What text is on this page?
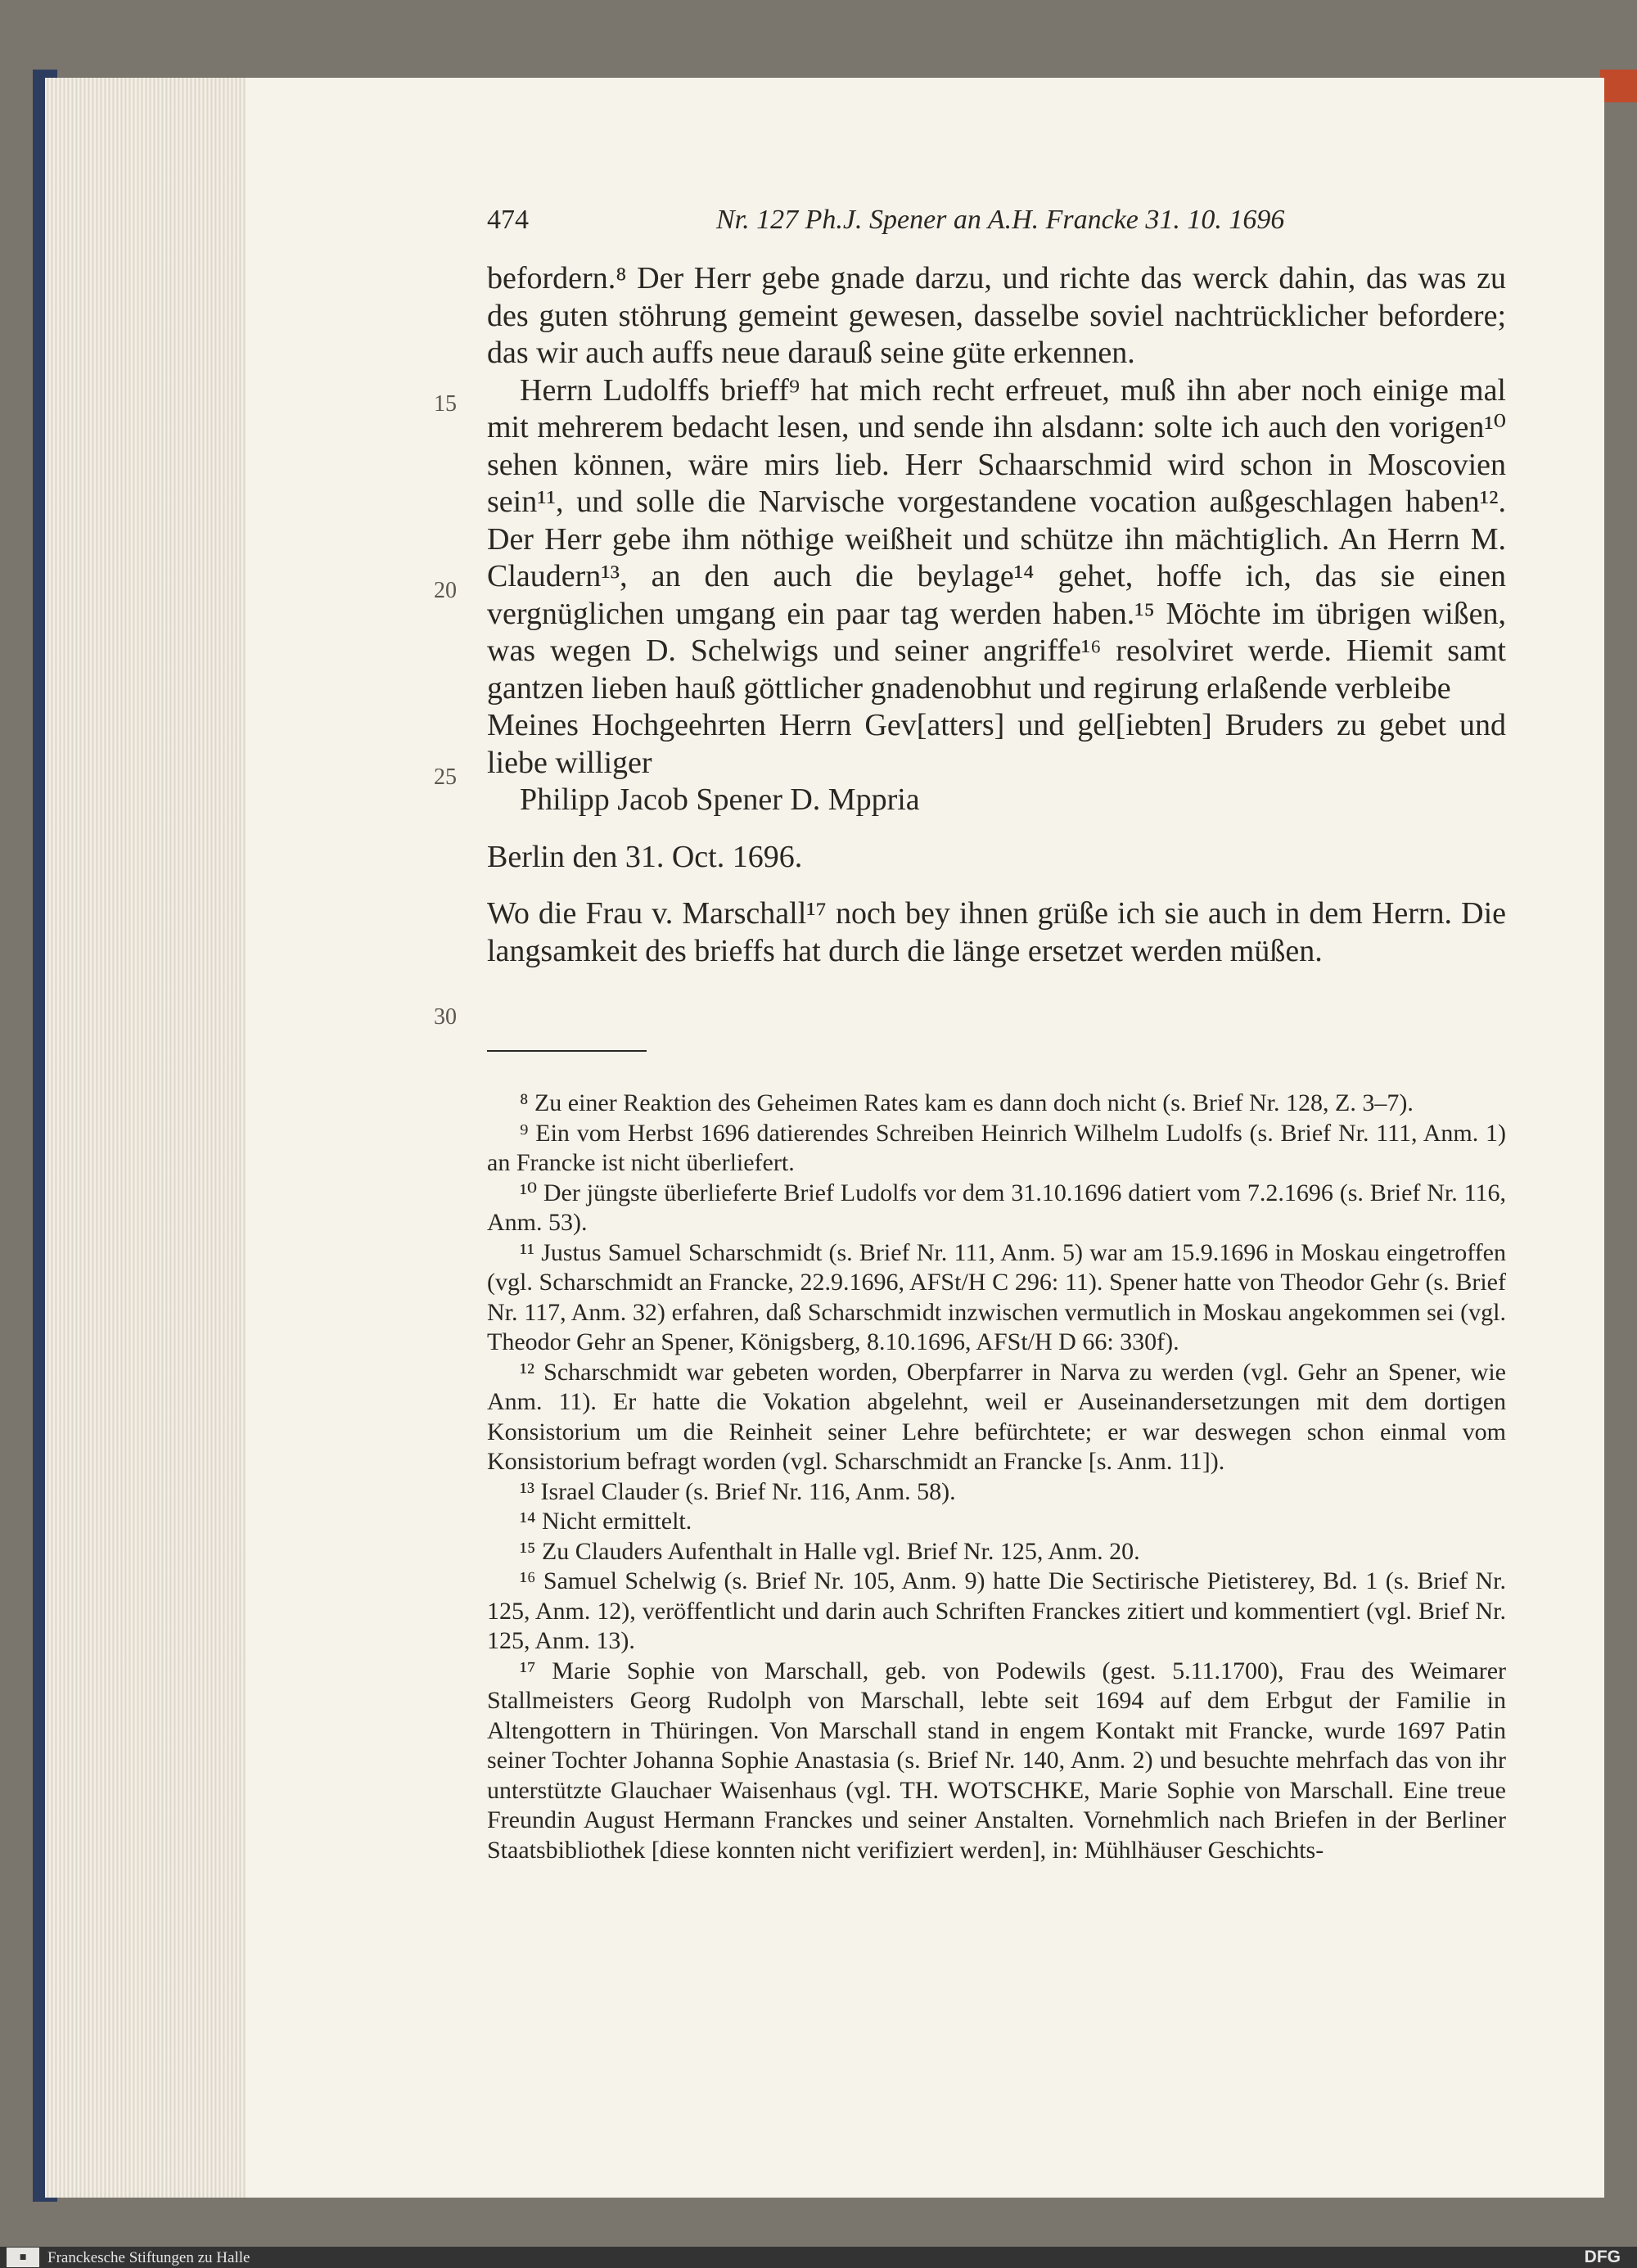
474	Nr. 127 Ph.J. Spener an A.H. Francke 31. 10. 1696
15
20
25
30

befordern.⁸ Der Herr gebe gnade darzu, und richte das werck dahin, das was zu des guten stöhrung gemeint gewesen, dasselbe soviel nachtrücklicher befordere; das wir auch auffs neue darauß seine güte erkennen.

Herrn Ludolffs brieff⁹ hat mich recht erfreuet, muß ihn aber noch einige mal mit mehrerem bedacht lesen, und sende ihn alsdann: solte ich auch den vorigen¹⁰ sehen können, wäre mirs lieb. Herr Schaarschmid wird schon in Moscovien sein¹¹, und solle die Narvische vorgestandene vocation außgeschlagen haben¹². Der Herr gebe ihm nöthige weißheit und schütze ihn mächtiglich. An Herrn M. Claudern¹³, an den auch die beylage¹⁴ gehet, hoffe ich, das sie einen vergnüglichen umgang ein paar tag werden haben.¹⁵ Möchte im übrigen wißen, was wegen D. Schelwigs und seiner angriffe¹⁶ resolviret werde. Hiemit samt gantzen lieben hauß göttlicher gnadenobhut und regirung erlaßende verbleibe

Meines Hochgeehrten Herrn Gev[atters] und gel[iebten] Bruders zu gebet und liebe williger

Philipp Jacob Spener D. Mppria

Berlin den 31. Oct. 1696.

Wo die Frau v. Marschall¹⁷ noch bey ihnen grüße ich sie auch in dem Herrn. Die langsamkeit des brieffs hat durch die länge ersetzet werden müßen.

⁸ Zu einer Reaktion des Geheimen Rates kam es dann doch nicht (s. Brief Nr. 128, Z. 3–7).

⁹ Ein vom Herbst 1696 datierendes Schreiben Heinrich Wilhelm Ludolfs (s. Brief Nr. 111, Anm. 1) an Francke ist nicht überliefert.

¹⁰ Der jüngste überlieferte Brief Ludolfs vor dem 31.10.1696 datiert vom 7.2.1696 (s. Brief Nr. 116, Anm. 53).

¹¹ Justus Samuel Scharschmidt (s. Brief Nr. 111, Anm. 5) war am 15.9.1696 in Moskau eingetroffen (vgl. Scharschmidt an Francke, 22.9.1696, AFSt/H C 296: 11). Spener hatte von Theodor Gehr (s. Brief Nr. 117, Anm. 32) erfahren, daß Scharschmidt inzwischen vermutlich in Moskau angekommen sei (vgl. Theodor Gehr an Spener, Königsberg, 8.10.1696, AFSt/H D 66: 330f).

¹² Scharschmidt war gebeten worden, Oberpfarrer in Narva zu werden (vgl. Gehr an Spener, wie Anm. 11). Er hatte die Vokation abgelehnt, weil er Auseinandersetzungen mit dem dortigen Konsistorium um die Reinheit seiner Lehre befürchtete; er war deswegen schon einmal vom Konsistorium befragt worden (vgl. Scharschmidt an Francke [s. Anm. 11]).

¹³ Israel Clauder (s. Brief Nr. 116, Anm. 58).

¹⁴ Nicht ermittelt.

¹⁵ Zu Clauders Aufenthalt in Halle vgl. Brief Nr. 125, Anm. 20.

¹⁶ Samuel Schelwig (s. Brief Nr. 105, Anm. 9) hatte Die Sectirische Pietisterey, Bd. 1 (s. Brief Nr. 125, Anm. 12), veröffentlicht und darin auch Schriften Franckes zitiert und kommentiert (vgl. Brief Nr. 125, Anm. 13).

¹⁷ Marie Sophie von Marschall, geb. von Podewils (gest. 5.11.1700), Frau des Weimarer Stallmeisters Georg Rudolph von Marschall, lebte seit 1694 auf dem Erbgut der Familie in Altengottern in Thüringen. Von Marschall stand in engem Kontakt mit Francke, wurde 1697 Patin seiner Tochter Johanna Sophie Anastasia (s. Brief Nr. 140, Anm. 2) und besuchte mehrfach das von ihr unterstützte Glauchaer Waisenhaus (vgl. TH. WOTSCHKE, Marie Sophie von Marschall. Eine treue Freundin August Hermann Franckes und seiner Anstalten. Vornehmlich nach Briefen in der Berliner Staatsbibliothek [diese konnten nicht verifiziert werden], in: Mühlhäuser Geschichts-

■	Franckesche Stiftungen zu Halle	DFG
